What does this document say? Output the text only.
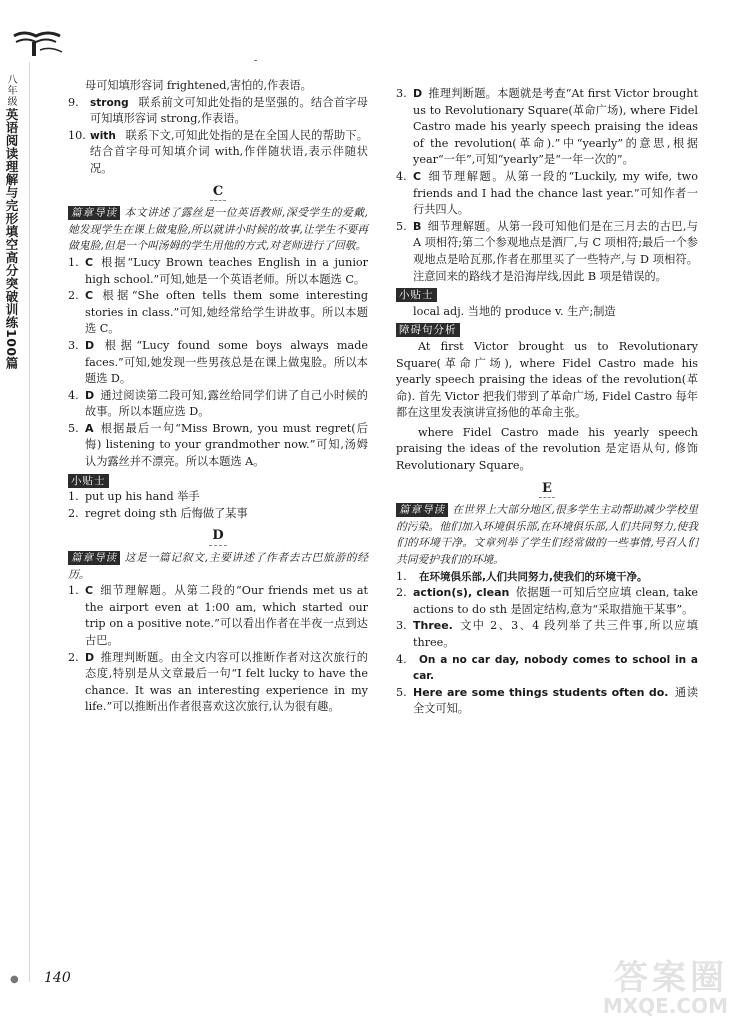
八年级
英语阅读理解与完形填空高分突破训练100篇
● 140

母可知填形容词 frightened,害怕的,作表语。

9. strong 联系前文可知此处指的是坚强的。结合首字母可知填形容词 strong,作表语。
10. with 联系下文,可知此处指的是在全国人民的帮助下。结合首字母可知填介词 with,作伴随状语,表示伴随状况。
C

篇章导读 本文讲述了露丝是一位英语教师,深受学生的爱戴,她发现学生在课上做鬼脸,所以就讲小时候的故事,让学生不要再做鬼脸,但是一个叫汤姆的学生用他的方式,对老师进行了回敬。

1. C 根据“Lucy Brown teaches English in a junior high school.”可知,她是一个英语老师。所以本题选 C。
2. C 根据“She often tells them some interesting stories in class.”可知,她经常给学生讲故事。所以本题选 C。
3. D 根据“Lucy found some boys always made faces.”可知,她发现一些男孩总是在课上做鬼脸。所以本题选 D。
4. D 通过阅读第二段可知,露丝给同学们讲了自己小时候的故事。所以本题应选 D。
5. A 根据最后一句“Miss Brown, you must regret(后悔) listening to your grandmother now.”可知,汤姆认为露丝并不漂亮。所以本题选 A。

小贴士

1. put up his hand 举手
2. regret doing sth 后悔做了某事
D

篇章导读 这是一篇记叙文,主要讲述了作者去古巴旅游的经历。

1. C 细节理解题。从第二段的“Our friends met us at the airport even at 1:00 am, which started our trip on a positive note.”可以看出作者在半夜一点到达古巴。
2. D 推理判断题。由全文内容可以推断作者对这次旅行的态度,特别是从文章最后一句“I felt lucky to have the chance. It was an interesting experience in my life.”可以推断出作者很喜欢这次旅行,认为很有趣。
3. D 推理判断题。本题就是考查“At first Victor brought us to Revolutionary Square(革命广场), where Fidel Castro made his yearly speech praising the ideas of the revolution(革命).”中“yearly”的意思,根据 year“一年”,可知“yearly”是“一年一次的”。
4. C 细节理解题。从第一段的“Luckily, my wife, two friends and I had the chance last year.”可知作者一行共四人。
5. B 细节理解题。从第一段可知他们是在三月去的古巴,与 A 项相符;第二个参观地点是酒厂,与 C 项相符;最后一个参观地点是哈瓦那,作者在那里买了一些特产,与 D 项相符。注意回来的路线才是沿海岸线,因此 B 项是错误的。

小贴士

local adj. 当地的 produce v. 生产;制造

障碍句分析

At first Victor brought us to Revolutionary Square(革命广场), where Fidel Castro made his yearly speech praising the ideas of the revolution(革命). 首先 Victor 把我们带到了革命广场, Fidel Castro 每年都在这里发表演讲宣扬他的革命主张。

where Fidel Castro made his yearly speech praising the ideas of the revolution 是定语从句, 修饰 Revolutionary Square。

E

篇章导读 在世界上大部分地区,很多学生主动帮助减少学校里的污染。他们加入环境俱乐部,在环境俱乐部,人们共同努力,使我们的环境干净。文章列举了学生们经常做的一些事情,号召人们共同爱护我们的环境。

1. 在环境俱乐部,人们共同努力,使我们的环境干净。
2. action(s), clean 依据题一可知后空应填 clean, take actions to do sth 是固定结构,意为“采取措施干某事”。
3. Three. 文中 2、3、4 段列举了共三件事,所以应填 three。
4. On a no car day, nobody comes to school in a car.
5. Here are some things students often do. 通读全文可知。
答案圈
MXQE.COM
